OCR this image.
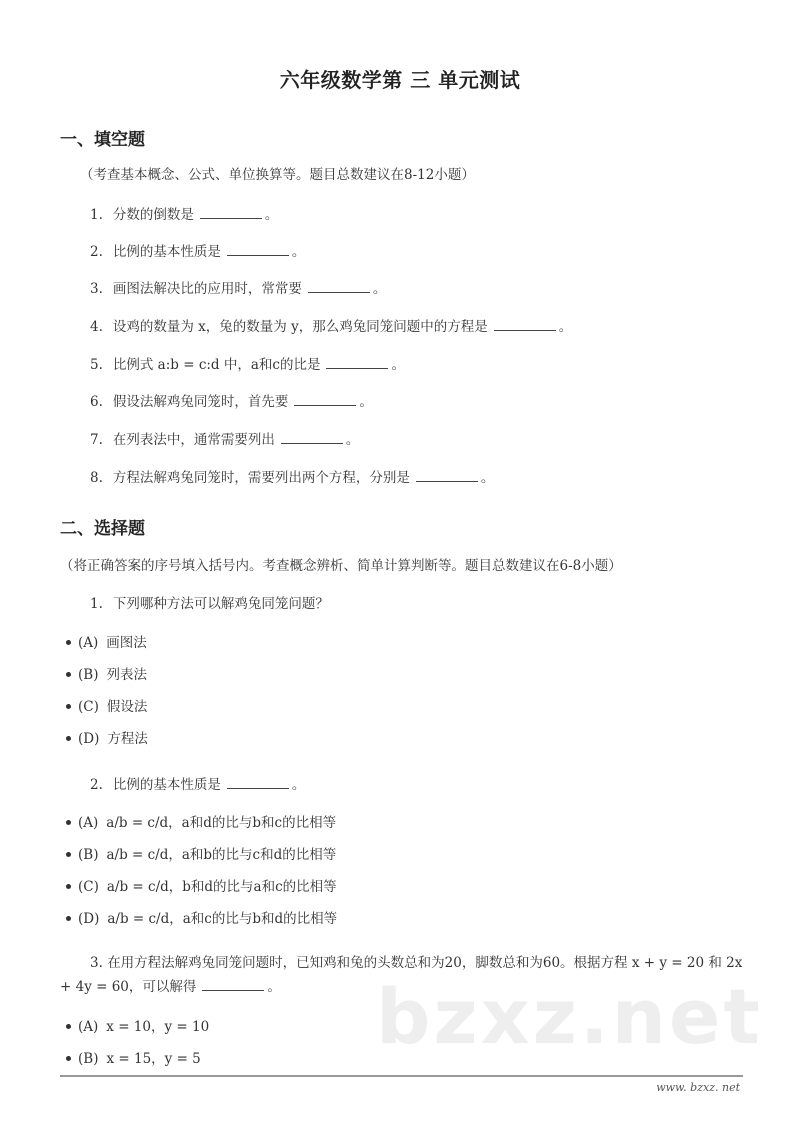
bzxz.net
六年级数学第 三 单元测试
一、填空题
（考查基本概念、公式、单位换算等。题目总数建议在8-12小题）
1. 分数的倒数是	。
2. 比例的基本性质是	。
3. 画图法解决比的应用时，常常要	。
4. 设鸡的数量为 x，兔的数量为 y，那么鸡兔同笼问题中的方程是	。
5. 比例式 a:b = c:d 中，a和c的比是	。
6. 假设法解鸡兔同笼时，首先要	。
7. 在列表法中，通常需要列出	。
8. 方程法解鸡兔同笼时，需要列出两个方程，分别是	。
二、选择题
（将正确答案的序号填入括号内。考查概念辨析、简单计算判断等。题目总数建议在6-8小题）
1. 下列哪种方法可以解鸡兔同笼问题？
(A) 画图法
(B) 列表法
(C) 假设法
(D) 方程法
2. 比例的基本性质是	。
(A) a/b = c/d，a和d的比与b和c的比相等
(B) a/b = c/d，a和b的比与c和d的比相等
(C) a/b = c/d，b和d的比与a和c的比相等
(D) a/b = c/d，a和c的比与b和d的比相等
3. 在用方程法解鸡兔同笼问题时，已知鸡和兔的头数总和为20，脚数总和为60。根据方程 x + y = 20 和 2x + 4y = 60，可以解得	。
(A) x = 10，y = 10
(B) x = 15，y = 5
www. bzxz. net
